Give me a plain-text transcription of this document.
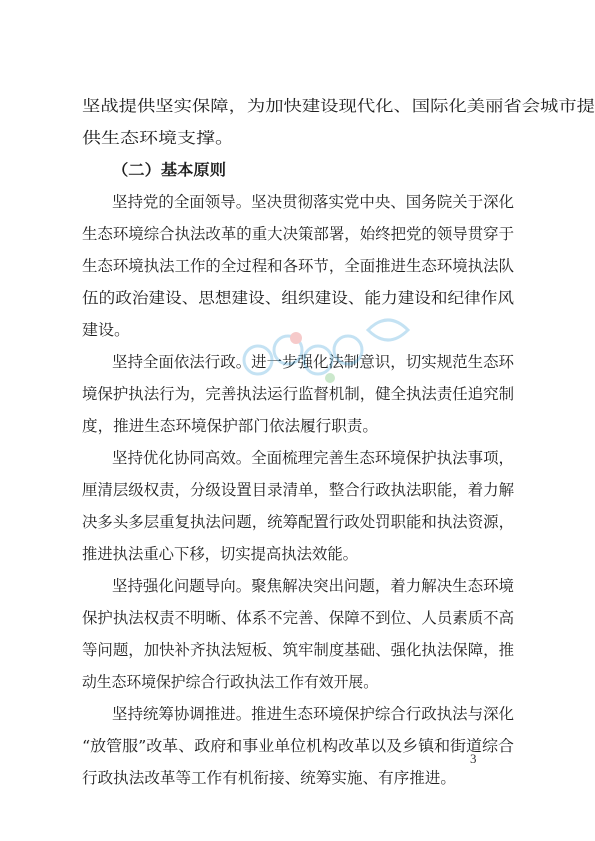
坚战提供坚实保障，为加快建设现代化、国际化美丽省会城市提
供生态环境支撑。
（二）基本原则
坚持党的全面领导。坚决贯彻落实党中央、国务院关于深化
生态环境综合执法改革的重大决策部署，始终把党的领导贯穿于
生态环境执法工作的全过程和各环节，全面推进生态环境执法队
伍的政治建设、思想建设、组织建设、能力建设和纪律作风
建设。
坚持全面依法行政。进一步强化法制意识，切实规范生态环
境保护执法行为，完善执法运行监督机制，健全执法责任追究制
度，推进生态环境保护部门依法履行职责。
坚持优化协同高效。全面梳理完善生态环境保护执法事项，
厘清层级权责，分级设置目录清单，整合行政执法职能，着力解
决多头多层重复执法问题，统筹配置行政处罚职能和执法资源，
推进执法重心下移，切实提高执法效能。
坚持强化问题导向。聚焦解决突出问题，着力解决生态环境
保护执法权责不明晰、体系不完善、保障不到位、人员素质不高
等问题，加快补齐执法短板、筑牢制度基础、强化执法保障，推
动生态环境保护综合行政执法工作有效开展。
坚持统筹协调推进。推进生态环境保护综合行政执法与深化
“放管服”改革、政府和事业单位机构改革以及乡镇和街道综合
行政执法改革等工作有机衔接、统筹实施、有序推进。
3
